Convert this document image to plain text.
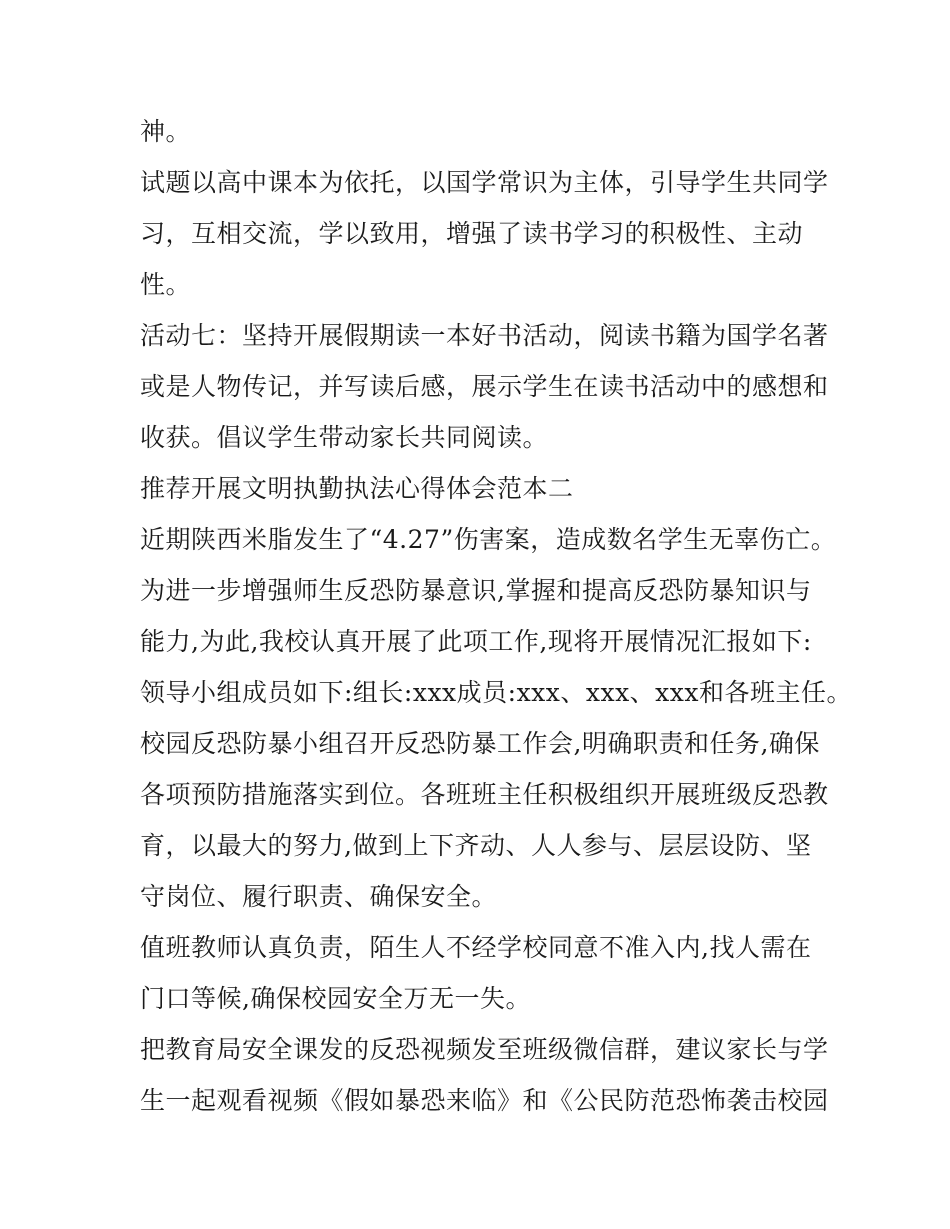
神。
试题以高中课本为依托，以国学常识为主体，引导学生共同学
习，互相交流，学以致用，增强了读书学习的积极性、主动
性。
活动七：坚持开展假期读一本好书活动，阅读书籍为国学名著
或是人物传记，并写读后感，展示学生在读书活动中的感想和
收获。倡议学生带动家长共同阅读。
推荐开展文明执勤执法心得体会范本二
近期陕西米脂发生了“4.27”伤害案，造成数名学生无辜伤亡。
为进一步增强师生反恐防暴意识,掌握和提高反恐防暴知识与
能力,为此,我校认真开展了此项工作,现将开展情况汇报如下:
领导小组成员如下:组长:xxx成员:xxx、xxx、xxx和各班主任。
校园反恐防暴小组召开反恐防暴工作会,明确职责和任务,确保
各项预防措施落实到位。各班班主任积极组织开展班级反恐教
育，以最大的努力,做到上下齐动、人人参与、层层设防、坚
守岗位、履行职责、确保安全。
值班教师认真负责，陌生人不经学校同意不准入内,找人需在
门口等候,确保校园安全万无一失。
把教育局安全课发的反恐视频发至班级微信群，建议家长与学
生一起观看视频《假如暴恐来临》和《公民防范恐怖袭击校园
